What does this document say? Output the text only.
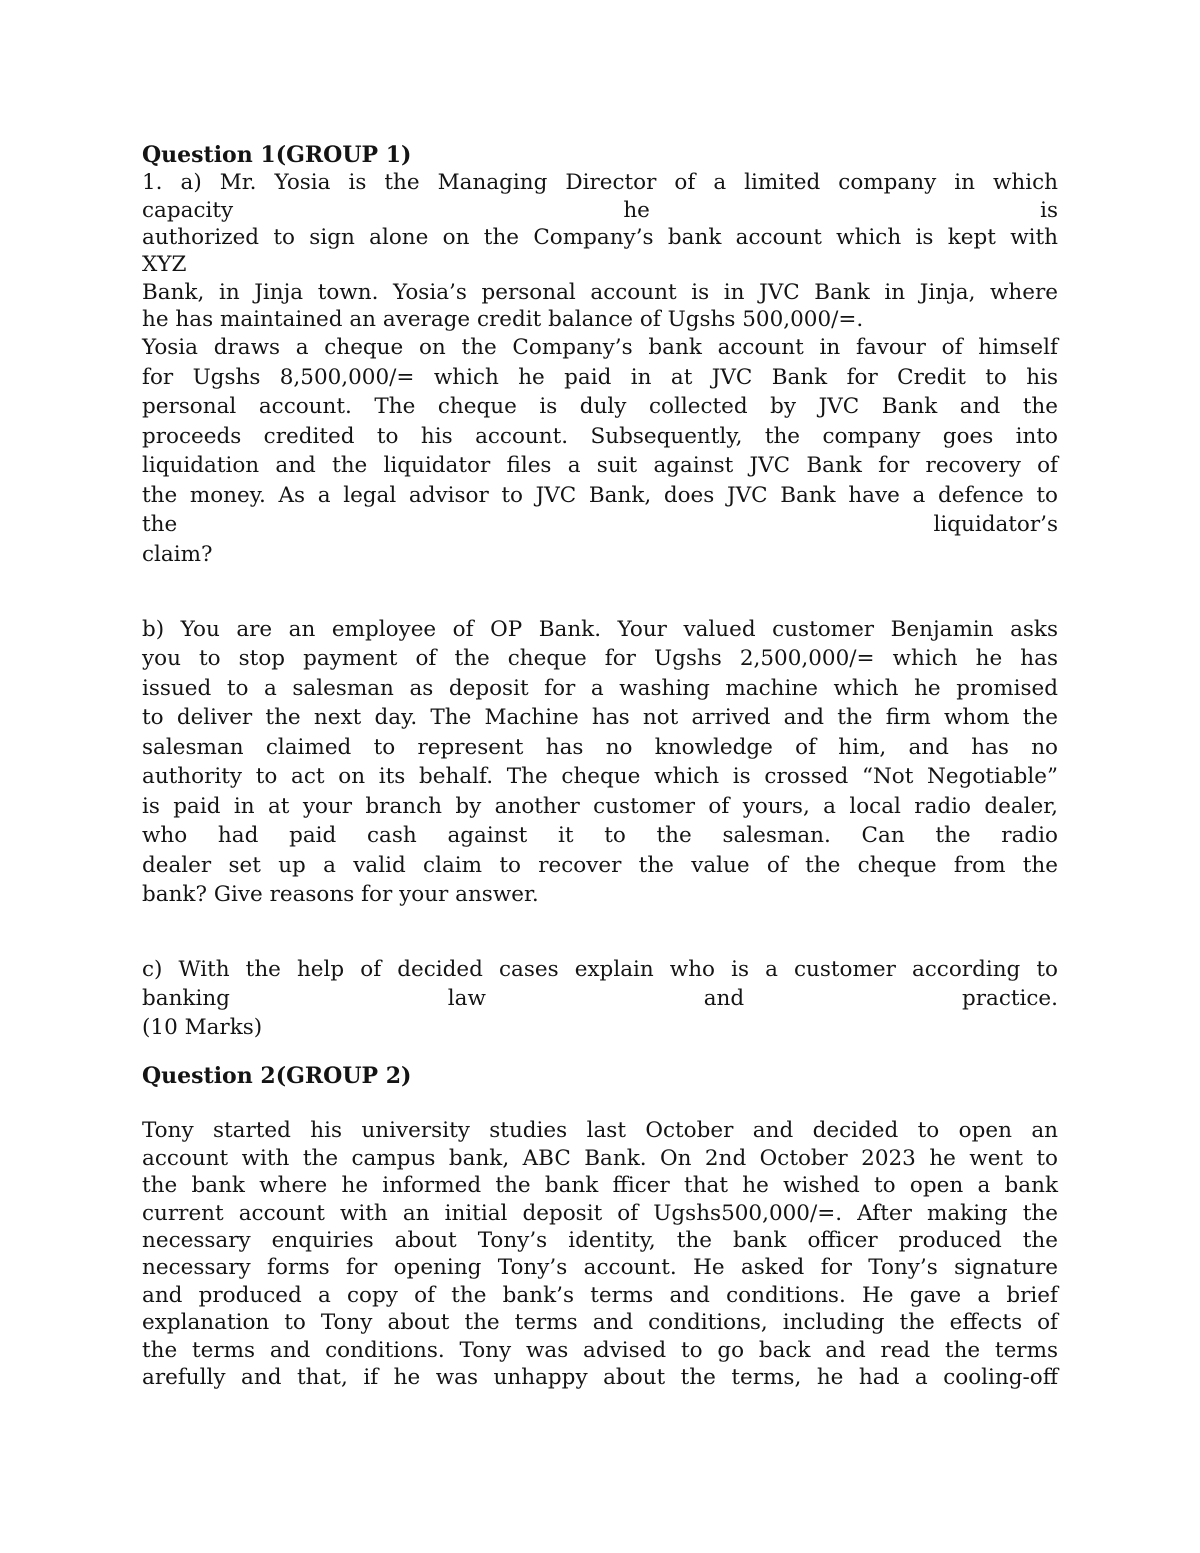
Question 1(GROUP 1)
1. a) Mr. Yosia is the Managing Director of a limited company in which
capacity he is
authorized to sign alone on the Company’s bank account which is kept with
XYZ
Bank, in Jinja town. Yosia’s personal account is in JVC Bank in Jinja, where
he has maintained an average credit balance of Ugshs 500,000/=.
Yosia draws a cheque on the Company’s bank account in favour of himself
for Ugshs 8,500,000/= which he paid in at JVC Bank for Credit to his
personal account. The cheque is duly collected by JVC Bank and the
proceeds credited to his account. Subsequently, the company goes into
liquidation and the liquidator files a suit against JVC Bank for recovery of
the money. As a legal advisor to JVC Bank, does JVC Bank have a defence to
the liquidator’s
claim?
b) You are an employee of OP Bank. Your valued customer Benjamin asks
you to stop payment of the cheque for Ugshs 2,500,000/= which he has
issued to a salesman as deposit for a washing machine which he promised
to deliver the next day. The Machine has not arrived and the firm whom the
salesman claimed to represent has no knowledge of him, and has no
authority to act on its behalf. The cheque which is crossed “Not Negotiable”
is paid in at your branch by another customer of yours, a local radio dealer,
who had paid cash against it to the salesman. Can the radio
dealer set up a valid claim to recover the value of the cheque from the
bank? Give reasons for your answer.
c) With the help of decided cases explain who is a customer according to
banking law and practice.
(10 Marks)
Question 2(GROUP 2)
Tony started his university studies last October and decided to open an
account with the campus bank, ABC Bank. On 2nd October 2023 he went to
the bank where he informed the bank fficer that he wished to open a bank
current account with an initial deposit of Ugshs500,000/=. After making the
necessary enquiries about Tony’s identity, the bank officer produced the
necessary forms for opening Tony’s account. He asked for Tony’s signature
and produced a copy of the bank’s terms and conditions. He gave a brief
explanation to Tony about the terms and conditions, including the effects of
the terms and conditions. Tony was advised to go back and read the terms
arefully and that, if he was unhappy about the terms, he had a cooling-off
